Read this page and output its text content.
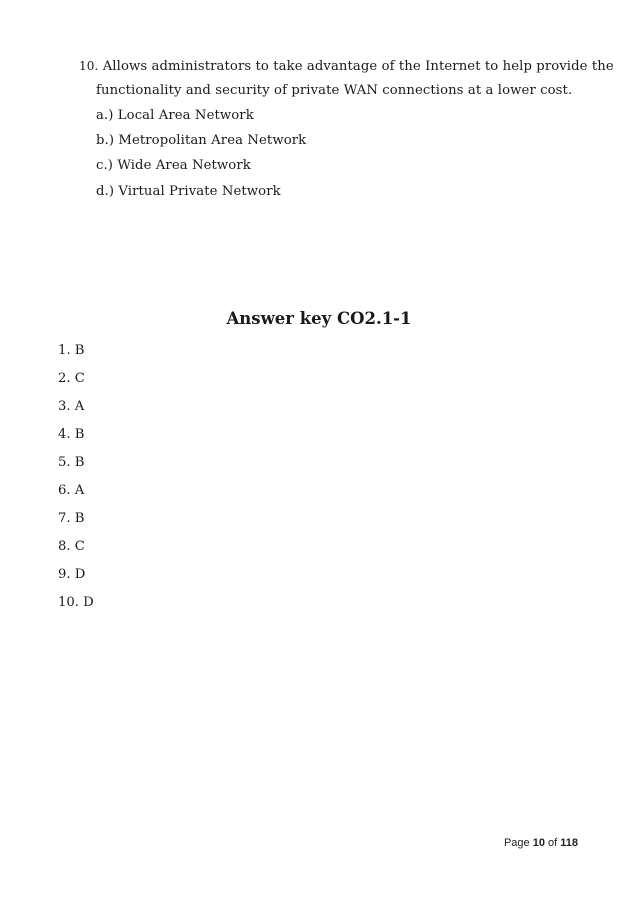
10. Allows administrators to take advantage of the Internet to help provide the
functionality and security of private WAN connections at a lower cost.
a.) Local Area Network
b.) Metropolitan Area Network
c.) Wide Area Network
d.) Virtual Private Network
Answer key CO2.1-1
1. B
2. C
3. A
4. B
5. B
6. A
7. B
8. C
9. D
10. D
Page 10 of 118
